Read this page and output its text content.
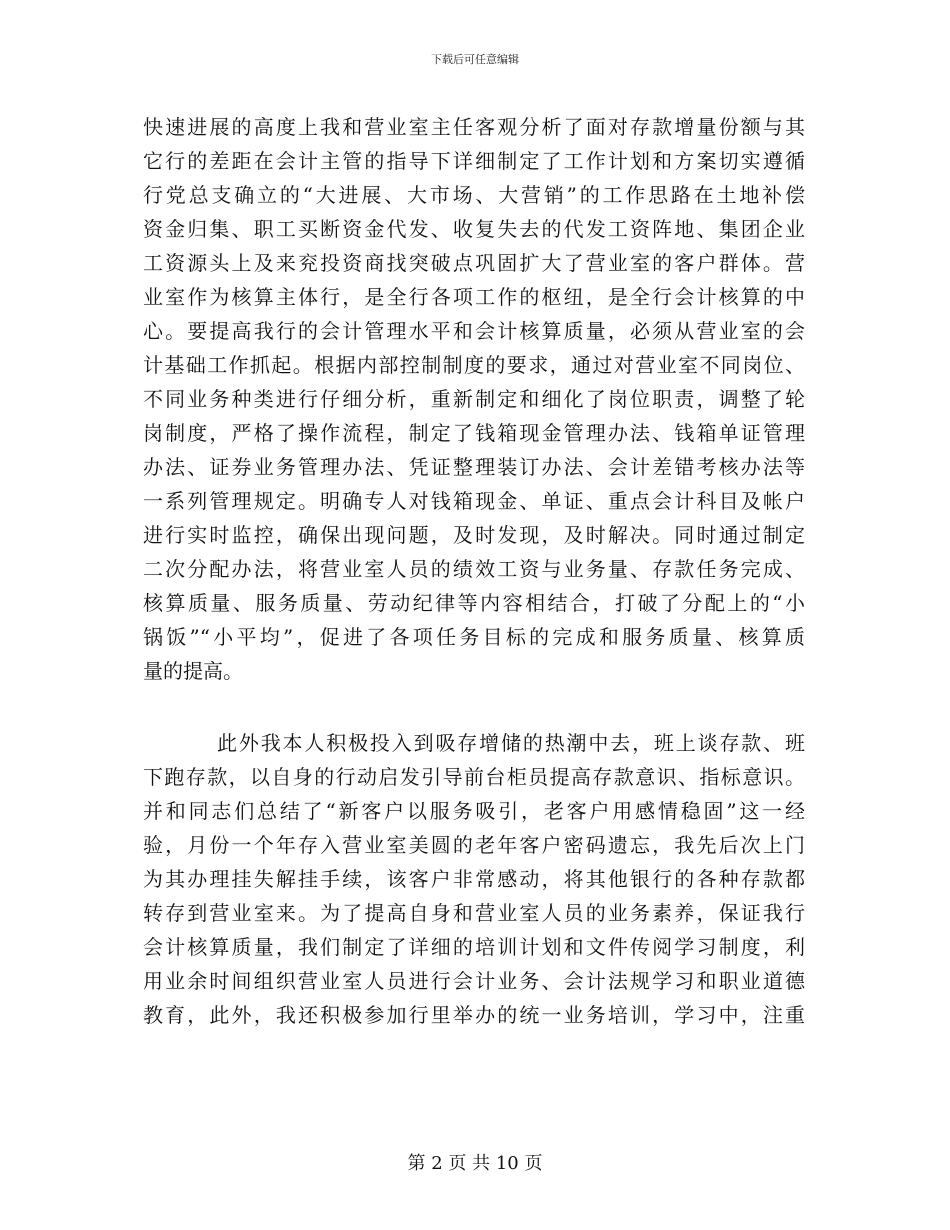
下载后可任意编辑
快速进展的高度上我和营业室主任客观分析了面对存款增量份额与其
它行的差距在会计主管的指导下详细制定了工作计划和方案切实遵循
行党总支确立的“大进展、大市场、大营销”的工作思路在土地补偿
资金归集、职工买断资金代发、收复失去的代发工资阵地、集团企业
工资源头上及来兖投资商找突破点巩固扩大了营业室的客户群体。营
业室作为核算主体行，是全行各项工作的枢纽，是全行会计核算的中
心。要提高我行的会计管理水平和会计核算质量，必须从营业室的会
计基础工作抓起。根据内部控制制度的要求，通过对营业室不同岗位、
不同业务种类进行仔细分析，重新制定和细化了岗位职责，调整了轮
岗制度，严格了操作流程，制定了钱箱现金管理办法、钱箱单证管理
办法、证券业务管理办法、凭证整理装订办法、会计差错考核办法等
一系列管理规定。明确专人对钱箱现金、单证、重点会计科目及帐户
进行实时监控，确保出现问题，及时发现，及时解决。同时通过制定
二次分配办法，将营业室人员的绩效工资与业务量、存款任务完成、
核算质量、服务质量、劳动纪律等内容相结合，打破了分配上的“小
锅饭”“小平均”，促进了各项任务目标的完成和服务质量、核算质
量的提高。
此外我本人积极投入到吸存增储的热潮中去，班上谈存款、班
下跑存款，以自身的行动启发引导前台柜员提高存款意识、指标意识。
并和同志们总结了“新客户以服务吸引，老客户用感情稳固”这一经
验，月份一个年存入营业室美圆的老年客户密码遗忘，我先后次上门
为其办理挂失解挂手续，该客户非常感动，将其他银行的各种存款都
转存到营业室来。为了提高自身和营业室人员的业务素养，保证我行
会计核算质量，我们制定了详细的培训计划和文件传阅学习制度，利
用业余时间组织营业室人员进行会计业务、会计法规学习和职业道德
教育，此外，我还积极参加行里举办的统一业务培训，学习中，注重
第 2 页 共 10 页
